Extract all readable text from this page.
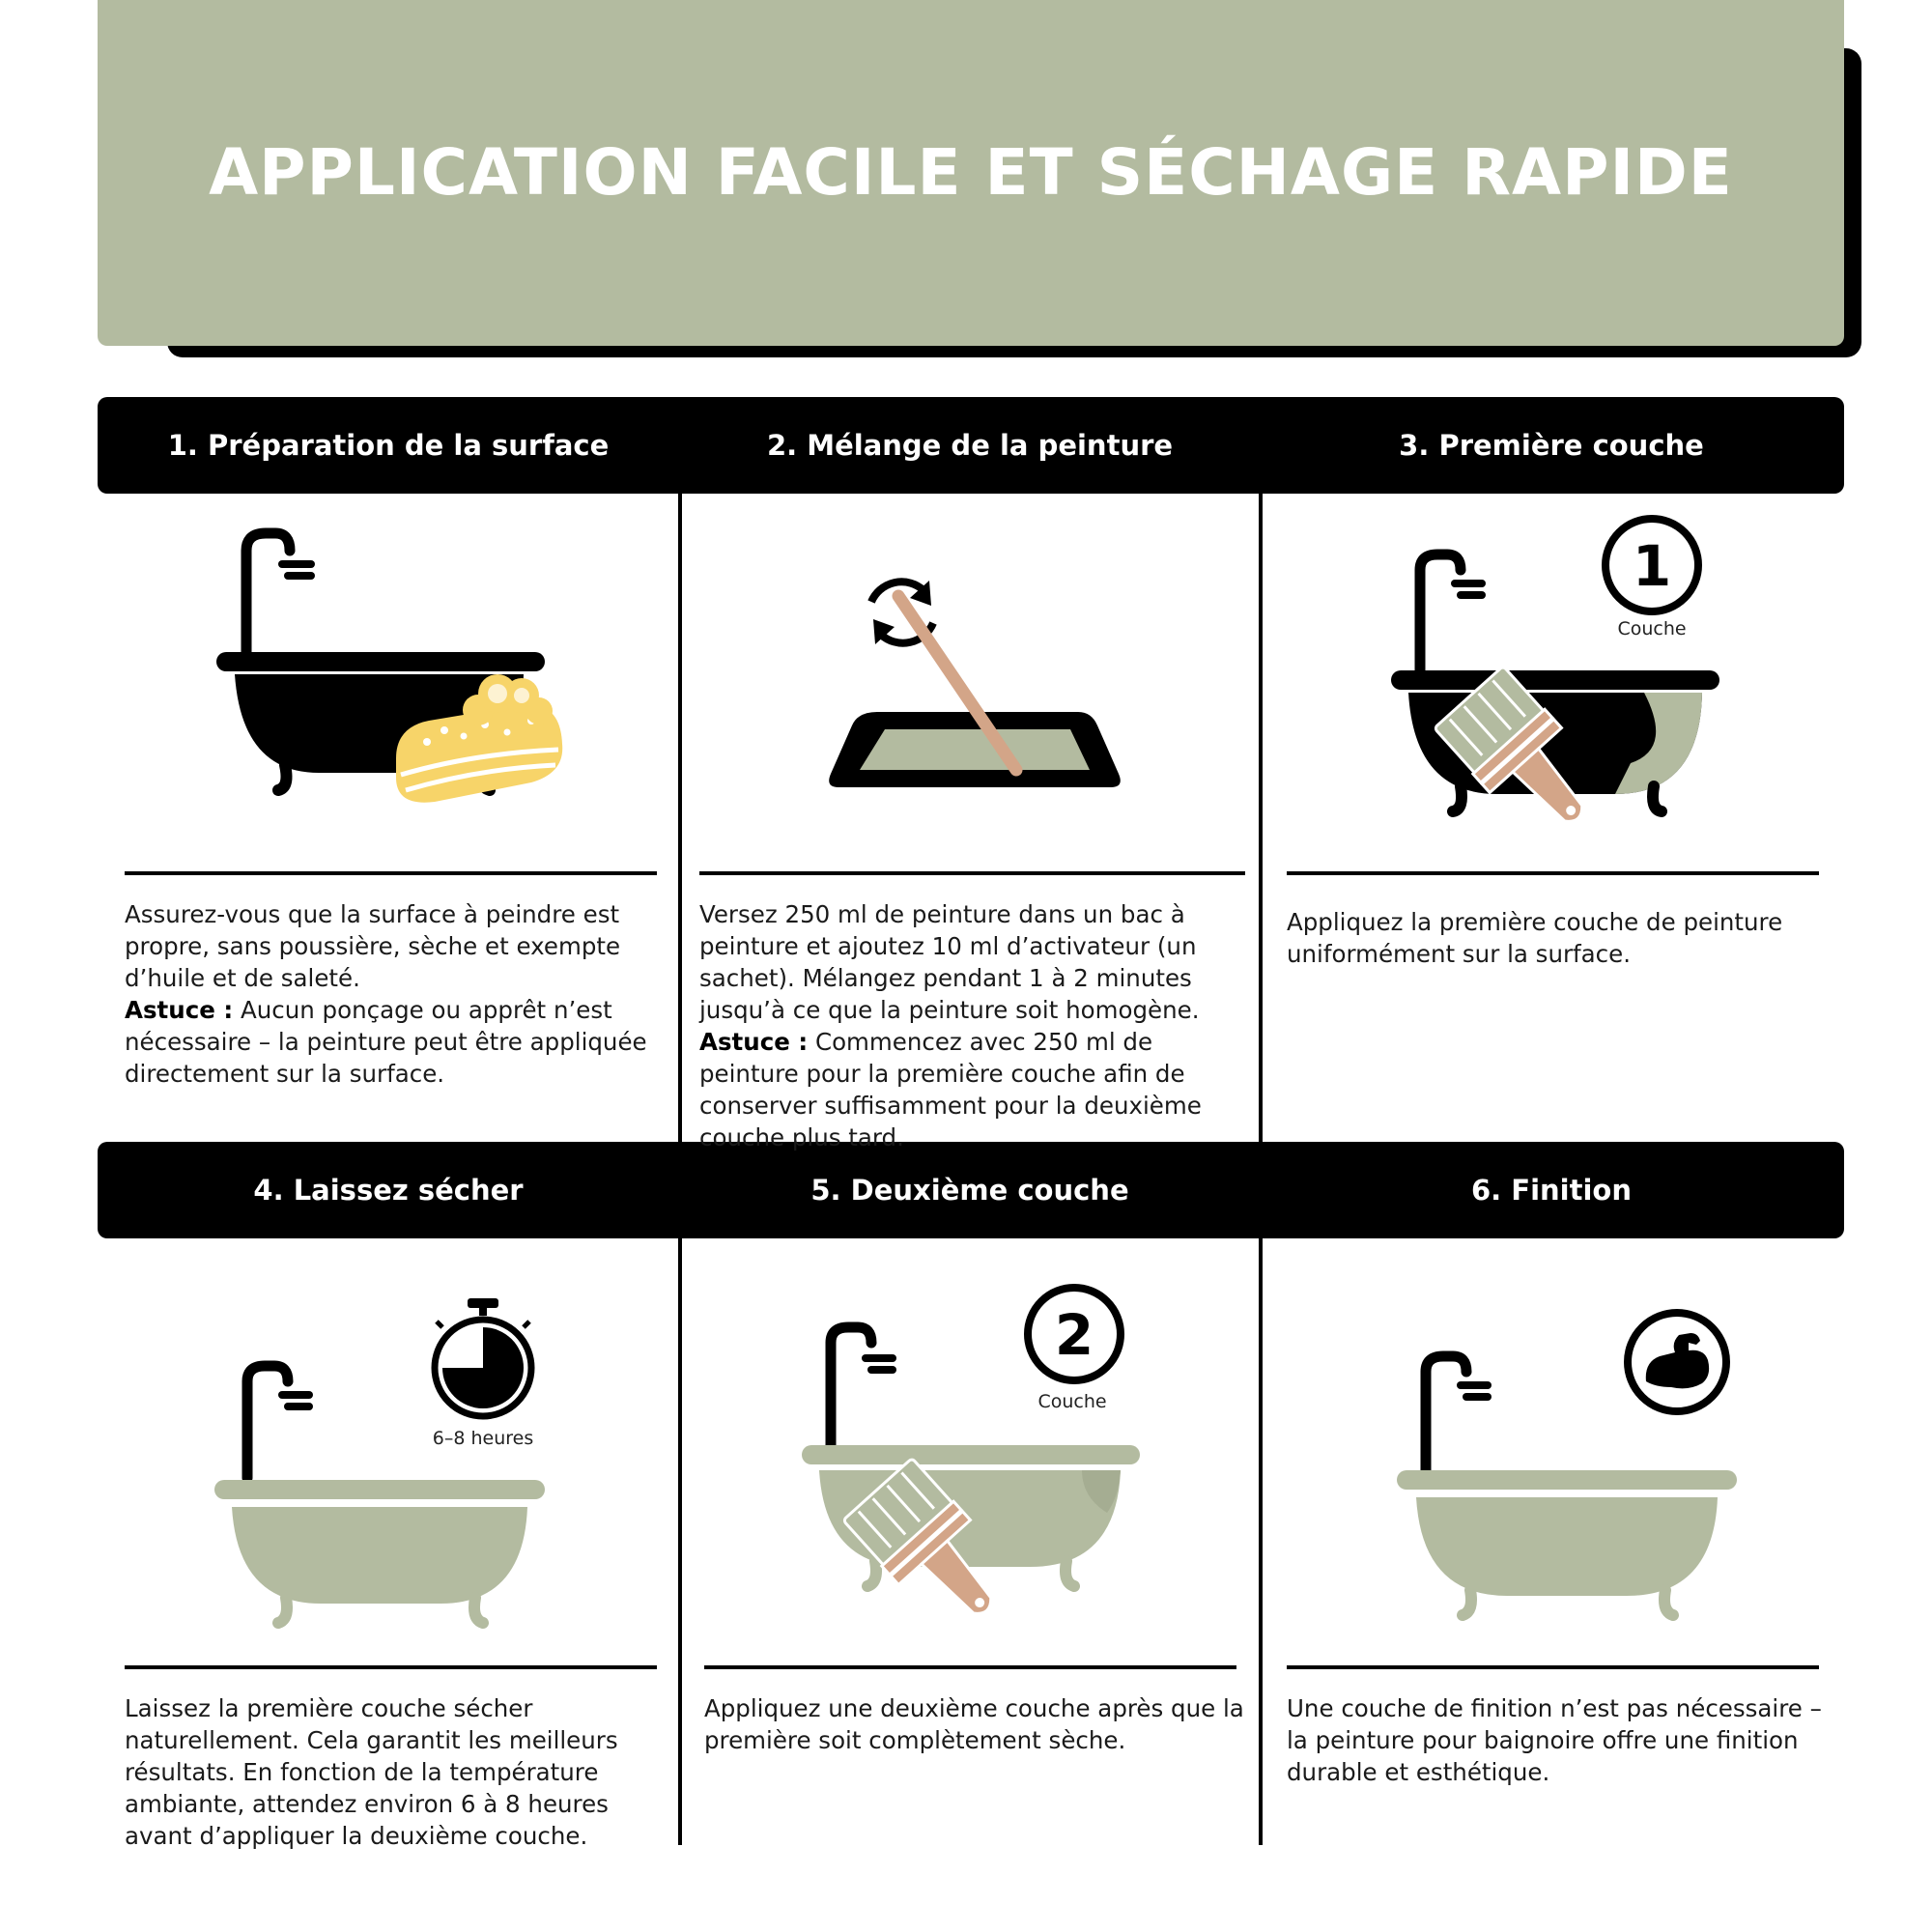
APPLICATION FACILE ET SÉCHAGE RAPIDE
1. Préparation de la surface	2. Mélange de la peinture	3. Première couche
4. Laissez sécher	5. Deuxième couche	6. Finition
1
Couche
6–8 heures
2
Couche
Assurez-vous que la surface à peindre est propre, sans poussière, sèche et exempte d’huile et de saleté.
Astuce : Aucun ponçage ou apprêt n’est nécessaire – la peinture peut être appliquée directement sur la surface.
Versez 250 ml de peinture dans un bac à peinture et ajoutez 10 ml d’activateur (un sachet). Mélangez pendant 1 à 2 minutes jusqu’à ce que la peinture soit homogène.
Astuce : Commencez avec 250 ml de peinture pour la première couche afin de conserver suffisamment pour la deuxième couche plus tard.
Appliquez la première couche de peinture uniformément sur la surface.
Laissez la première couche sécher naturellement. Cela garantit les meilleurs résultats. En fonction de la température ambiante, attendez environ 6 à 8 heures avant d’appliquer la deuxième couche.
Appliquez une deuxième couche après que la première soit complètement sèche.
Une couche de finition n’est pas nécessaire – la peinture pour baignoire offre une finition durable et esthétique.
